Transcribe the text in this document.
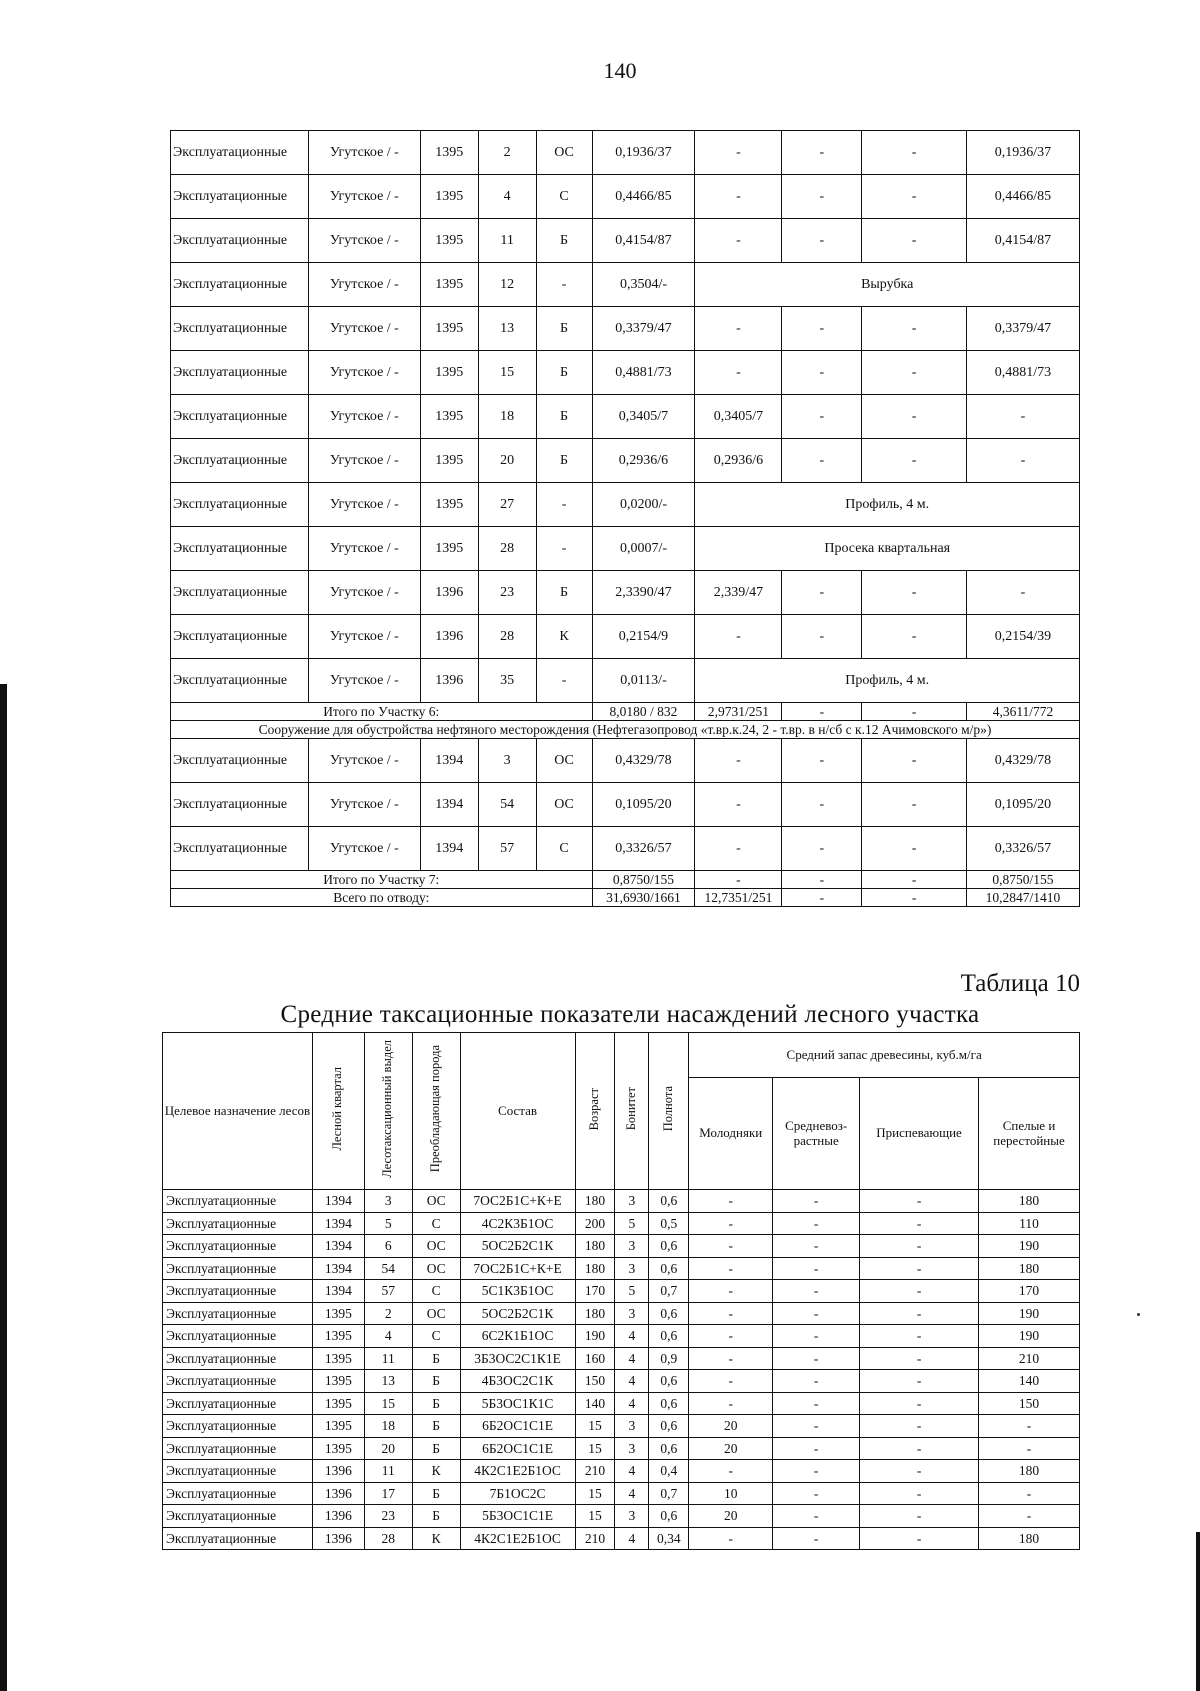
140
Эксплуатационные	Угутское / -	1395	2	ОС	0,1936/37	-	-	-	0,1936/37
Эксплуатационные	Угутское / -	1395	4	С	0,4466/85	-	-	-	0,4466/85
Эксплуатационные	Угутское / -	1395	11	Б	0,4154/87	-	-	-	0,4154/87
Эксплуатационные	Угутское / -	1395	12	-	0,3504/-	Вырубка			
Эксплуатационные	Угутское / -	1395	13	Б	0,3379/47	-	-	-	0,3379/47
Эксплуатационные	Угутское / -	1395	15	Б	0,4881/73	-	-	-	0,4881/73
Эксплуатационные	Угутское / -	1395	18	Б	0,3405/7	0,3405/7	-	-	-
Эксплуатационные	Угутское / -	1395	20	Б	0,2936/6	0,2936/6	-	-	-
Эксплуатационные	Угутское / -	1395	27	-	0,0200/-	Профиль, 4 м.			
Эксплуатационные	Угутское / -	1395	28	-	0,0007/-	Просека квартальная			
Эксплуатационные	Угутское / -	1396	23	Б	2,3390/47	2,339/47	-	-	-
Эксплуатационные	Угутское / -	1396	28	К	0,2154/9	-	-	-	0,2154/39
Эксплуатационные	Угутское / -	1396	35	-	0,0113/-	Профиль, 4 м.			
Итого по Участку 6:					8,0180 / 832	2,9731/251	-	-	4,3611/772
Сооружение для обустройства нефтяного месторождения (Нефтегазопровод «т.вр.к.24, 2 - т.вр. в н/сб с к.12 Ачимовского м/р»)									
Эксплуатационные	Угутское / -	1394	3	ОС	0,4329/78	-	-	-	0,4329/78
Эксплуатационные	Угутское / -	1394	54	ОС	0,1095/20	-	-	-	0,1095/20
Эксплуатационные	Угутское / -	1394	57	С	0,3326/57	-	-	-	0,3326/57
Итого по Участку 7:					0,8750/155	-	-	-	0,8750/155
Всего по отводу:					31,6930/1661	12,7351/251	-	-	10,2847/1410
Таблица 10
Средние таксационные показатели насаждений лесного участка
Целевое назначение лесов	Лесной квартал	Лесотаксационный выдел	Преобладающая порода	Состав	Возраст	Бонитет	Полнота	Средний запас древесины, куб.м/га			
								Молодняки	Средневоз-растные	Приспевающие	Спелые и перестойные
Эксплуатационные	1394	3	ОС	7ОС2Б1С+К+Е	180	3	0,6	-	-	-	180
Эксплуатационные	1394	5	С	4С2К3Б1ОС	200	5	0,5	-	-	-	110
Эксплуатационные	1394	6	ОС	5ОС2Б2С1К	180	3	0,6	-	-	-	190
Эксплуатационные	1394	54	ОС	7ОС2Б1С+К+Е	180	3	0,6	-	-	-	180
Эксплуатационные	1394	57	С	5С1К3Б1ОС	170	5	0,7	-	-	-	170
Эксплуатационные	1395	2	ОС	5ОС2Б2С1К	180	3	0,6	-	-	-	190
Эксплуатационные	1395	4	С	6С2К1Б1ОС	190	4	0,6	-	-	-	190
Эксплуатационные	1395	11	Б	3Б3ОС2С1К1Е	160	4	0,9	-	-	-	210
Эксплуатационные	1395	13	Б	4Б3ОС2С1К	150	4	0,6	-	-	-	140
Эксплуатационные	1395	15	Б	5Б3ОС1К1С	140	4	0,6	-	-	-	150
Эксплуатационные	1395	18	Б	6Б2ОС1С1Е	15	3	0,6	20	-	-	-
Эксплуатационные	1395	20	Б	6Б2ОС1С1Е	15	3	0,6	20	-	-	-
Эксплуатационные	1396	11	К	4К2С1Е2Б1ОС	210	4	0,4	-	-	-	180
Эксплуатационные	1396	17	Б	7Б1ОС2С	15	4	0,7	10	-	-	-
Эксплуатационные	1396	23	Б	5Б3ОС1С1Е	15	3	0,6	20	-	-	-
Эксплуатационные	1396	28	К	4К2С1Е2Б1ОС	210	4	0,34	-	-	-	180
